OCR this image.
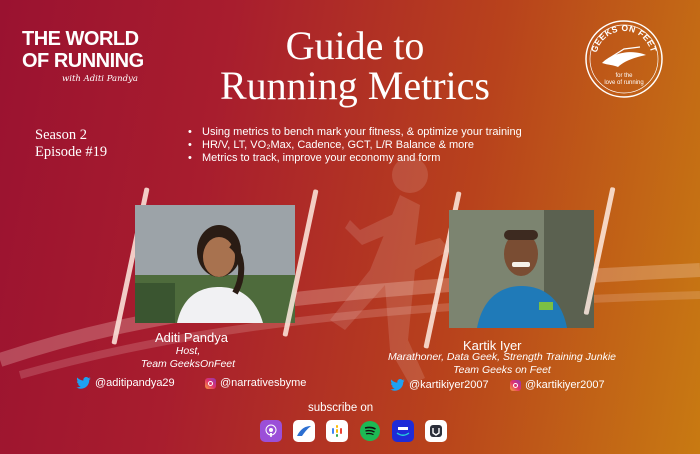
THE WORLD
OF RUNNING
with Aditi Pandya
Season 2
Episode #19
Guide to
Running Metrics
GEEKS ON FEET
for the
love of running
• Using metrics to bench mark your fitness, & optimize your training
• HR/V, LT, VO₂Max, Cadence, GCT, L/R Balance & more
• Metrics to track, improve your economy and form
Aditi Pandya
Host,
Team GeeksOnFeet
@aditipandya29	@narrativesbyme
Kartik Iyer
Marathoner, Data Geek, Strength Training Junkie
Team Geeks on Feet
@kartikiyer2007	@kartikiyer2007
subscribe on
